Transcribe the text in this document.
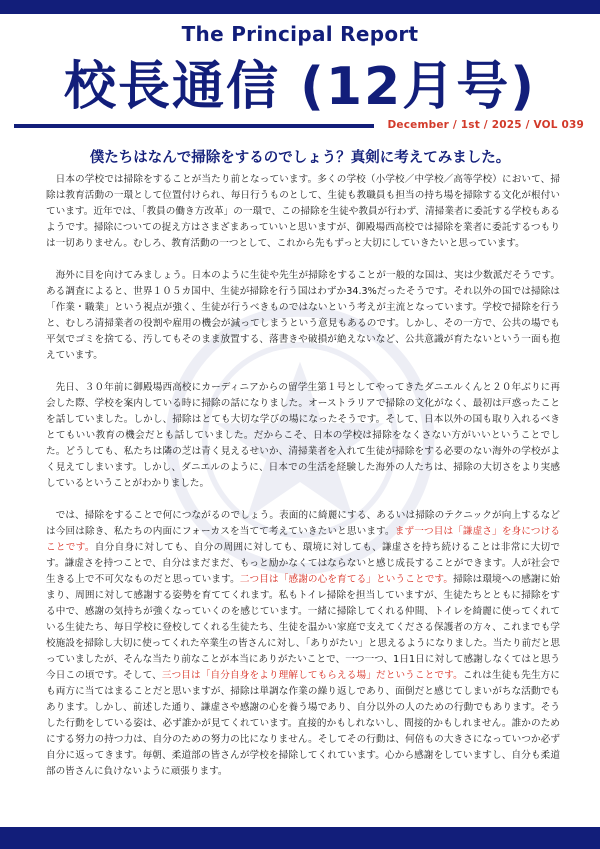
The Principal Report
校長通信 (12月号)
December / 1st / 2025 / VOL 039
僕たちはなんで掃除をするのでしょう？真剣に考えてみました。

日本の学校では掃除をすることが当たり前となっています。多くの学校（小学校／中学校／高等学校）において、掃除は教育活動の一環として位置付けられ、毎日行うものとして、生徒も教職員も担当の持ち場を掃除する文化が根付いています。近年では、「教員の働き方改革」の一環で、この掃除を生徒や教員が行わず、清掃業者に委託する学校もあるようです。掃除についての捉え方はさまざまあっていいと思いますが、御殿場西高校では掃除を業者に委託するつもりは一切ありません。むしろ、教育活動の一つとして、これから先もずっと大切にしていきたいと思っています。

海外に目を向けてみましょう。日本のように生徒や先生が掃除をすることが一般的な国は、実は少数派だそうです。ある調査によると、世界１０５カ国中、生徒が掃除を行う国はわずか34.3%だったそうです。それ以外の国では掃除は「作業・職業」という視点が強く、生徒が行うべきものではないという考えが主流となっています。学校で掃除を行うと、むしろ清掃業者の役割や雇用の機会が減ってしまうという意見もあるのです。しかし、その一方で、公共の場でも平気でゴミを捨てる、汚してもそのまま放置する、落書きや破損が絶えないなど、公共意識が育たないという一面も抱えています。

先日、３０年前に御殿場西高校にカーディニアからの留学生第１号としてやってきたダニエルくんと２０年ぶりに再会した際、学校を案内している時に掃除の話になりました。オーストラリアで掃除の文化がなく、最初は戸惑ったことを話していました。しかし、掃除はとても大切な学びの場になったそうです。そして、日本以外の国も取り入れるべきとてもいい教育の機会だとも話していました。だからこそ、日本の学校は掃除をなくさない方がいいということでした。どうしても、私たちは隣の芝は青く見えるせいか、清掃業者を入れて生徒が掃除をする必要のない海外の学校がよく見えてしまいます。しかし、ダニエルのように、日本での生活を経験した海外の人たちは、掃除の大切さをより実感しているということがわかりました。

では、掃除をすることで何につながるのでしょう。表面的に綺麗にする、あるいは掃除のテクニックが向上するなどは今回は除き、私たちの内面にフォーカスを当てて考えていきたいと思います。まず一つ目は「謙虚さ」を身につけることです。自分自身に対しても、自分の周囲に対しても、環境に対しても、謙虚さを持ち続けることは非常に大切です。謙虚さを持つことで、自分はまだまだ、もっと励かなくてはならないと感じ成長することができます。人が社会で生きる上で不可欠なものだと思っています。二つ目は「感謝の心を育てる」ということです。掃除は環境への感謝に始まり、周囲に対して感謝する姿勢を育ててくれます。私もトイレ掃除を担当していますが、生徒たちとともに掃除をする中で、感謝の気持ちが強くなっていくのを感じています。一緒に掃除してくれる仲間、トイレを綺麗に使ってくれている生徒たち、毎日学校に登校してくれる生徒たち、生徒を温かい家庭で支えてくださる保護者の方々、これまでも学校施設を掃除し大切に使ってくれた卒業生の皆さんに対し、「ありがたい」と思えるようになりました。当たり前だと思っていましたが、そんな当たり前なことが本当にありがたいことで、一つ一つ、1日1日に対して感謝しなくてはと思う今日この頃です。そして、三つ目は「自分自身をより理解してもらえる場」だということです。これは生徒も先生方にも両方に当てはまることだと思いますが、掃除は単調な作業の繰り返しであり、面倒だと感じてしまいがちな活動でもあります。しかし、前述した通り、謙虚さや感謝の心を養う場であり、自分以外の人のための行動でもあります。そうした行動をしている姿は、必ず誰かが見てくれています。直接的かもしれないし、間接的かもしれません。誰かのためにする努力の持つ力は、自分のための努力の比になりません。そしてその行動は、何倍もの大きさになっていつか必ず自分に返ってきます。毎朝、柔道部の皆さんが学校を掃除してくれています。心から感謝をしていますし、自分も柔道部の皆さんに負けないように頑張ります。
